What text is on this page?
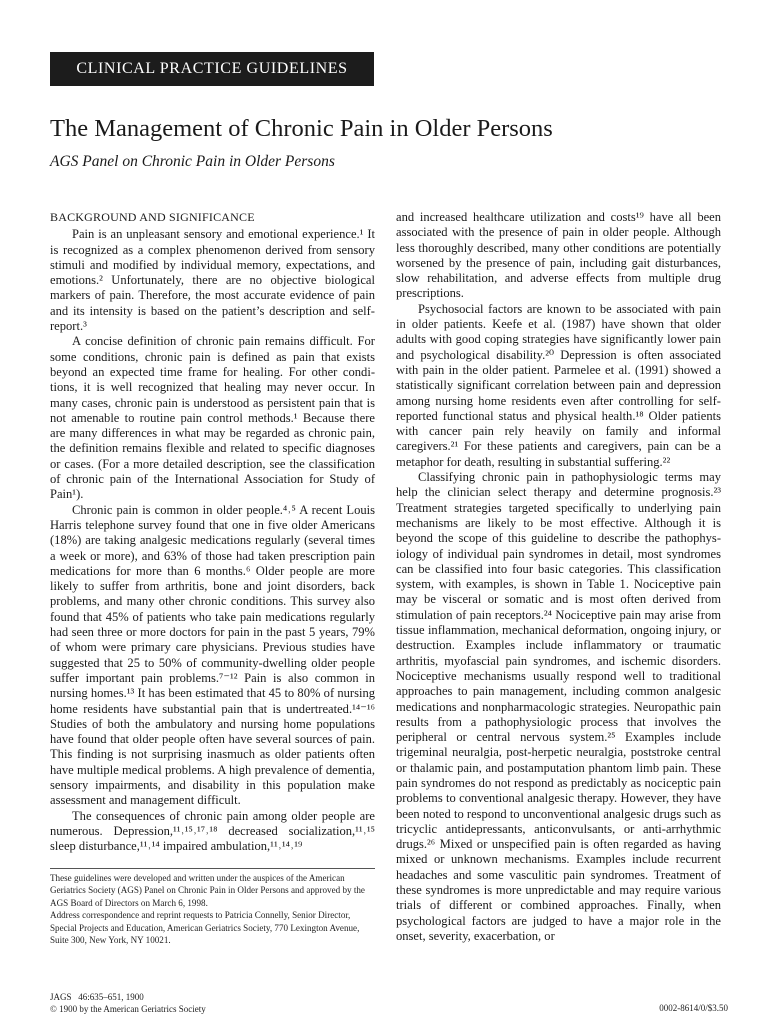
CLINICAL PRACTICE GUIDELINES
The Management of Chronic Pain in Older Persons
AGS Panel on Chronic Pain in Older Persons
BACKGROUND AND SIGNIFICANCE

Pain is an unpleasant sensory and emotional experience.¹ It is recognized as a complex phenomenon derived from sensory stimuli and modified by individual memory, expectations, and emotions.² Unfortunately, there are no objective biological markers of pain. Therefore, the most accurate evidence of pain and its intensity is based on the patient’s description and self-report.³

A concise definition of chronic pain remains difficult. For some conditions, chronic pain is defined as pain that exists beyond an expected time frame for healing. For other conditions, it is well recognized that healing may never occur. In many cases, chronic pain is understood as persistent pain that is not amenable to routine pain control methods.¹ Because there are many differences in what may be regarded as chronic pain, the definition remains flexible and related to specific diagnoses or cases. (For a more detailed description, see the classification of chronic pain of the International Association for Study of Pain¹).

Chronic pain is common in older people.⁴˒⁵ A recent Louis Harris telephone survey found that one in five older Americans (18%) are taking analgesic medications regularly (several times a week or more), and 63% of those had taken prescription pain medications for more than 6 months.⁶ Older people are more likely to suffer from arthritis, bone and joint disorders, back problems, and many other chronic conditions. This survey also found that 45% of patients who take pain medications regularly had seen three or more doctors for pain in the past 5 years, 79% of whom were primary care physicians. Previous studies have suggested that 25 to 50% of community-dwelling older people suffer important pain problems.⁷⁻¹² Pain is also common in nursing homes.¹³ It has been estimated that 45 to 80% of nursing home residents have substantial pain that is undertreated.¹⁴⁻¹⁶ Studies of both the ambulatory and nursing home populations have found that older people often have several sources of pain. This finding is not surprising inasmuch as older patients often have multiple medical problems. A high prevalence of dementia, sensory impairments, and disability in this population make assessment and management difficult.

The consequences of chronic pain among older people are numerous. Depression,¹¹˒¹⁵˒¹⁷˒¹⁸ decreased socialization,¹¹˒¹⁵ sleep disturbance,¹¹˒¹⁴ impaired ambulation,¹¹˒¹⁴˒¹⁹

and increased healthcare utilization and costs¹⁹ have all been associated with the presence of pain in older people. Although less thoroughly described, many other conditions are potentially worsened by the presence of pain, including gait disturbances, slow rehabilitation, and adverse effects from multiple drug prescriptions.

Psychosocial factors are known to be associated with pain in older patients. Keefe et al. (1987) have shown that older adults with good coping strategies have significantly lower pain and psychological disability.²⁰ Depression is often associated with pain in the older patient. Parmelee et al. (1991) showed a statistically significant correlation between pain and depression among nursing home residents even after controlling for self-reported functional status and physical health.¹⁸ Older patients with cancer pain rely heavily on family and informal caregivers.²¹ For these patients and caregivers, pain can be a metaphor for death, resulting in substantial suffering.²²

Classifying chronic pain in pathophysiologic terms may help the clinician select therapy and determine prognosis.²³ Treatment strategies targeted specifically to underlying pain mechanisms are likely to be most effective. Although it is beyond the scope of this guideline to describe the pathophysiology of individual pain syndromes in detail, most syndromes can be classified into four basic categories. This classification system, with examples, is shown in Table 1. Nociceptive pain may be visceral or somatic and is most often derived from stimulation of pain receptors.²⁴ Nociceptive pain may arise from tissue inflammation, mechanical deformation, ongoing injury, or destruction. Examples include inflammatory or traumatic arthritis, myofascial pain syndromes, and ischemic disorders. Nociceptive mechanisms usually respond well to traditional approaches to pain management, including common analgesic medications and nonpharmacologic strategies. Neuropathic pain results from a pathophysiologic process that involves the peripheral or central nervous system.²⁵ Examples include trigeminal neuralgia, post-herpetic neuralgia, poststroke central or thalamic pain, and postamputation phantom limb pain. These pain syndromes do not respond as predictably as nociceptic pain problems to conventional analgesic therapy. However, they have been noted to respond to unconventional analgesic drugs such as tricyclic antidepressants, anticonvulsants, or anti-arrhythmic drugs.²⁶ Mixed or unspecified pain is often regarded as having mixed or unknown mechanisms. Examples include recurrent headaches and some vasculitic pain syndromes. Treatment of these syndromes is more unpredictable and may require various trials of different or combined approaches. Finally, when psychological factors are judged to have a major role in the onset, severity, exacerbation, or

These guidelines were developed and written under the auspices of the American Geriatrics Society (AGS) Panel on Chronic Pain in Older Persons and approved by the AGS Board of Directors on March 6, 1998.

Address correspondence and reprint requests to Patricia Connelly, Senior Director, Special Projects and Education, American Geriatrics Society, 770 Lexington Avenue, Suite 300, New York, NY 10021.

JAGS   46:635–651, 1900
© 1900 by the American Geriatrics Society	0002-8614/0/$3.50
